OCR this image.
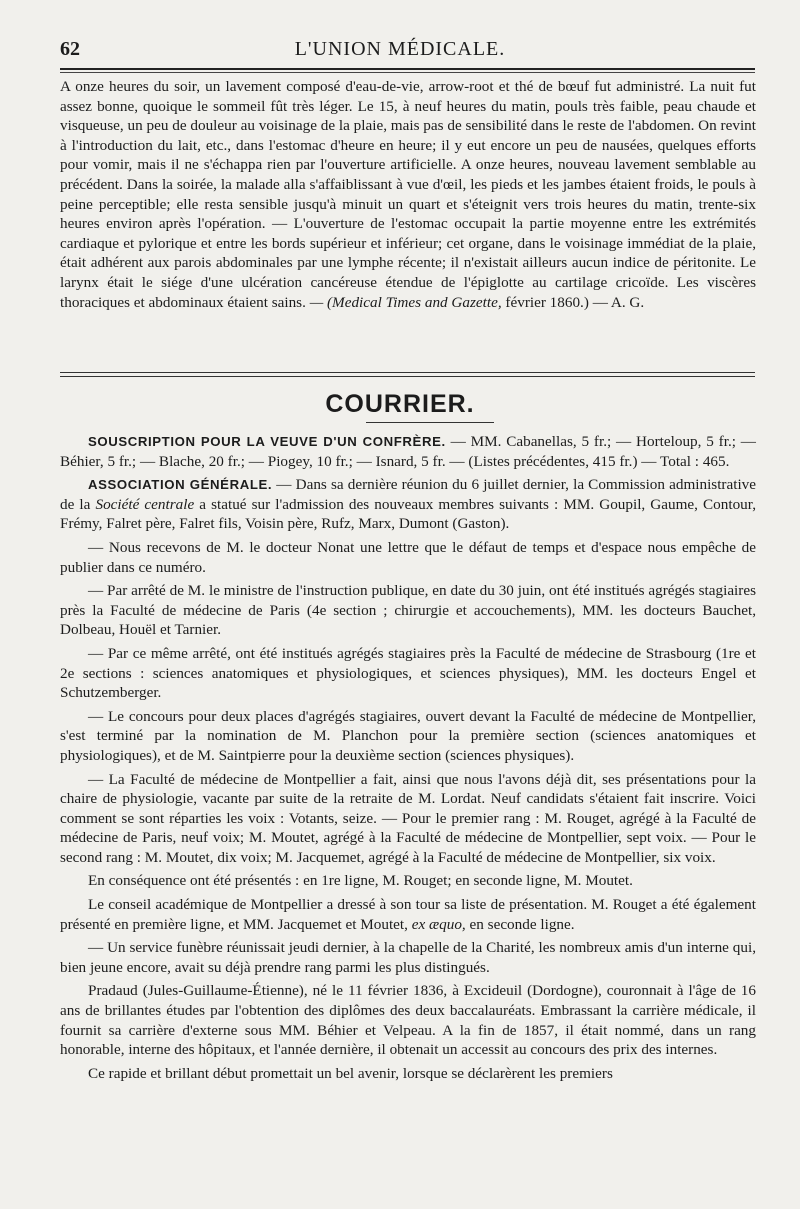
62	L'UNION MÉDICALE.

A onze heures du soir, un lavement composé d'eau-de-vie, arrow-root et thé de bœuf fut administré. La nuit fut assez bonne, quoique le sommeil fût très léger. Le 15, à neuf heures du matin, pouls très faible, peau chaude et visqueuse, un peu de douleur au voisinage de la plaie, mais pas de sensibilité dans le reste de l'abdomen. On revint à l'introduction du lait, etc., dans l'estomac d'heure en heure; il y eut encore un peu de nausées, quelques efforts pour vomir, mais il ne s'échappa rien par l'ouverture artificielle. A onze heures, nouveau lavement semblable au précédent. Dans la soirée, la malade alla s'affaiblissant à vue d'œil, les pieds et les jambes étaient froids, le pouls à peine perceptible; elle resta sensible jusqu'à minuit un quart et s'éteignit vers trois heures du matin, trente-six heures environ après l'opération. — L'ouverture de l'estomac occupait la partie moyenne entre les extrémités cardiaque et pylorique et entre les bords supérieur et inférieur; cet organe, dans le voisinage immédiat de la plaie, était adhérent aux parois abdominales par une lymphe récente; il n'existait ailleurs aucun indice de péritonite. Le larynx était le siége d'une ulcération cancéreuse étendue de l'épiglotte au cartilage cricoïde. Les viscères thoraciques et abdominaux étaient sains. — (Medical Times and Gazette, février 1860.) — A. G.

COURRIER.

SOUSCRIPTION POUR LA VEUVE D'UN CONFRÈRE. — MM. Cabanellas, 5 fr.; — Horteloup, 5 fr.; — Béhier, 5 fr.; — Blache, 20 fr.; — Piogey, 10 fr.; — Isnard, 5 fr. — (Listes précédentes, 415 fr.) — Total : 465.

ASSOCIATION GÉNÉRALE. — Dans sa dernière réunion du 6 juillet dernier, la Commission administrative de la Société centrale a statué sur l'admission des nouveaux membres suivants : MM. Goupil, Gaume, Contour, Frémy, Falret père, Falret fils, Voisin père, Rufz, Marx, Dumont (Gaston).

— Nous recevons de M. le docteur Nonat une lettre que le défaut de temps et d'espace nous empêche de publier dans ce numéro.

— Par arrêté de M. le ministre de l'instruction publique, en date du 30 juin, ont été institués agrégés stagiaires près la Faculté de médecine de Paris (4e section ; chirurgie et accouchements), MM. les docteurs Bauchet, Dolbeau, Houël et Tarnier.

— Par ce même arrêté, ont été institués agrégés stagiaires près la Faculté de médecine de Strasbourg (1re et 2e sections : sciences anatomiques et physiologiques, et sciences physiques), MM. les docteurs Engel et Schutzemberger.

— Le concours pour deux places d'agrégés stagiaires, ouvert devant la Faculté de médecine de Montpellier, s'est terminé par la nomination de M. Planchon pour la première section (sciences anatomiques et physiologiques), et de M. Saintpierre pour la deuxième section (sciences physiques).

— La Faculté de médecine de Montpellier a fait, ainsi que nous l'avons déjà dit, ses présentations pour la chaire de physiologie, vacante par suite de la retraite de M. Lordat. Neuf candidats s'étaient fait inscrire. Voici comment se sont réparties les voix : Votants, seize. — Pour le premier rang : M. Rouget, agrégé à la Faculté de médecine de Paris, neuf voix; M. Moutet, agrégé à la Faculté de médecine de Montpellier, sept voix. — Pour le second rang : M. Moutet, dix voix; M. Jacquemet, agrégé à la Faculté de médecine de Montpellier, six voix.

En conséquence ont été présentés : en 1re ligne, M. Rouget; en seconde ligne, M. Moutet.

Le conseil académique de Montpellier a dressé à son tour sa liste de présentation. M. Rouget a été également présenté en première ligne, et MM. Jacquemet et Moutet, ex æquo, en seconde ligne.

— Un service funèbre réunissait jeudi dernier, à la chapelle de la Charité, les nombreux amis d'un interne qui, bien jeune encore, avait su déjà prendre rang parmi les plus distingués.

Pradaud (Jules-Guillaume-Étienne), né le 11 février 1836, à Excideuil (Dordogne), couronnait à l'âge de 16 ans de brillantes études par l'obtention des diplômes des deux baccalauréats. Embrassant la carrière médicale, il fournit sa carrière d'externe sous MM. Béhier et Velpeau. A la fin de 1857, il était nommé, dans un rang honorable, interne des hôpitaux, et l'année dernière, il obtenait un accessit au concours des prix des internes.

Ce rapide et brillant début promettait un bel avenir, lorsque se déclarèrent les premiers
